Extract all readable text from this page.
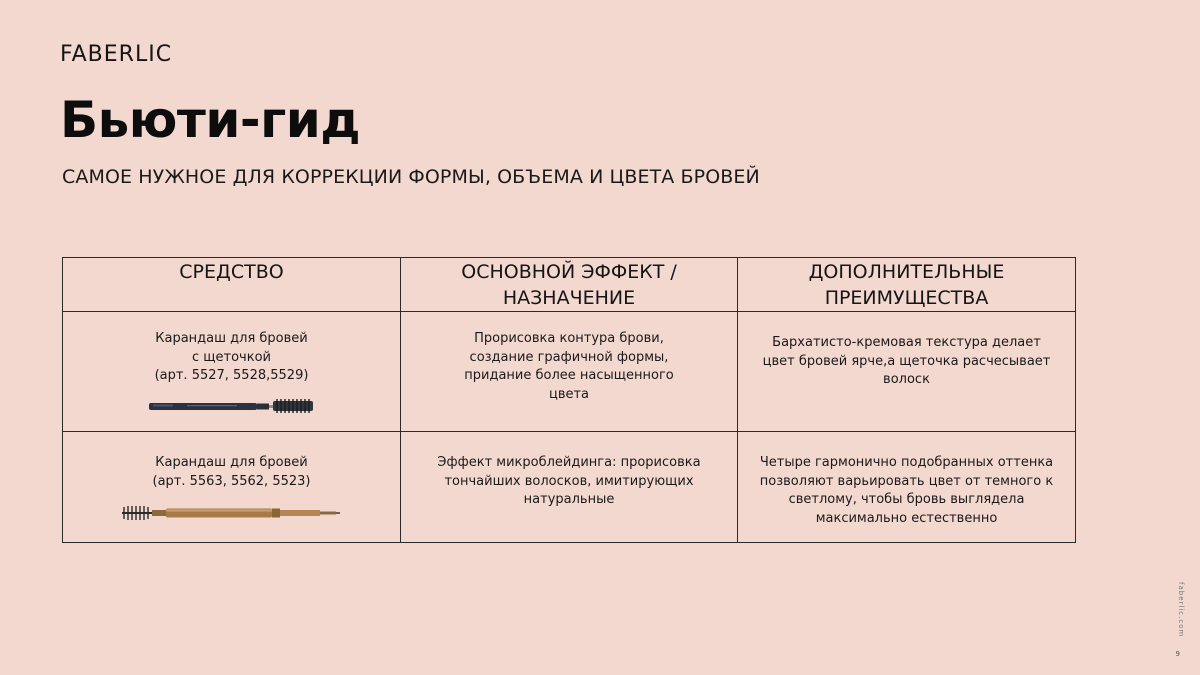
FABERLIC
Бьюти-гид
САМОЕ НУЖНОЕ ДЛЯ КОРРЕКЦИИ ФОРМЫ, ОБЪЕМА И ЦВЕТА БРОВЕЙ
СРЕДСТВО	ОСНОВНОЙ ЭФФЕКТ / НАЗНАЧЕНИЕ	ДОПОЛНИТЕЛЬНЫЕ ПРЕИМУЩЕСТВА

Карандаш для бровей
с щеточкой
(арт. 5527, 5528,5529)	Прорисовка контура брови, создание графичной формы, придание более насыщенного цвета	Бархатисто-кремовая текстура делает цвет бровей ярче,а щеточка расчесывает волоск

Карандаш для бровей
(арт. 5563, 5562, 5523)	Эффект микроблейдинга: прорисовка тончайших волосков, имитирующих натуральные	Четыре гармонично подобранных оттенка позволяют варьировать цвет от темного к светлому, чтобы бровь выглядела максимально естественно
faberlic.com
9
